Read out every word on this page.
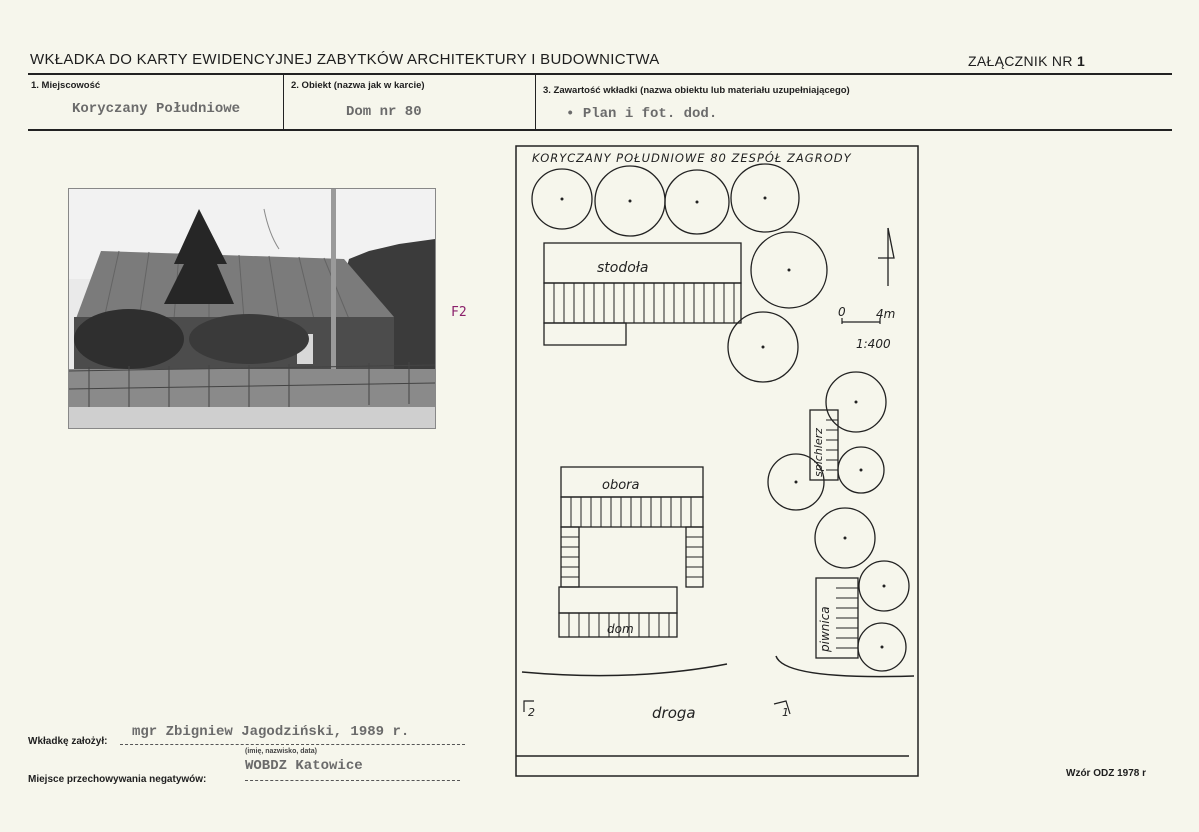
WKŁADKA DO KARTY EWIDENCYJNEJ ZABYTKÓW ARCHITEKTURY I BUDOWNICTWA	ZAŁĄCZNIK NR 1
1. Miejscowość
Koryczany Południowe
2. Obiekt (nazwa jak w karcie)
Dom nr 80
3. Zawartość wkładki (nazwa obiektu lub materiału uzupełniającego)
• Plan i fot. dod.
F2
KORYCZANY POŁUDNIOWE 80 ZESPÓŁ ZAGRODY
0	4m
1:400
stodoła
obora
dom
spichlerz
piwnica
droga
2	1
Wkładkę założył:
mgr Zbigniew Jagodziński, 1989 r.
(imię, nazwisko, data)
Miejsce przechowywania negatywów:
WOBDZ Katowice	Wzór ODZ 1978 r
